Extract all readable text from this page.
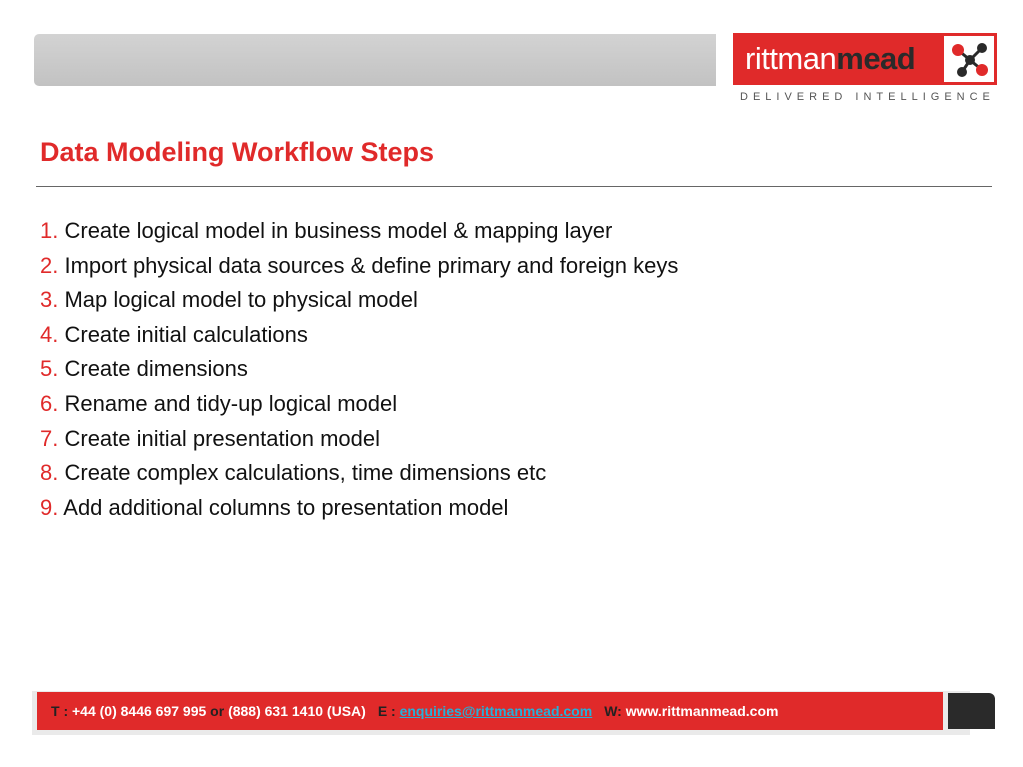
rittmanmead
DELIVERED INTELLIGENCE
Data Modeling Workflow Steps
1. Create logical model in business model & mapping layer
2. Import physical data sources & define primary and foreign keys
3. Map logical model to physical model
4. Create initial calculations
5. Create dimensions
6. Rename and tidy-up logical model
7. Create initial presentation model
8. Create complex calculations, time dimensions etc
9. Add additional columns to presentation model
T :
+44 (0) 8446 697 995
or
(888) 631 1410 (USA) E :
enquiries@rittmanmead.com W:
www.rittmanmead.com
